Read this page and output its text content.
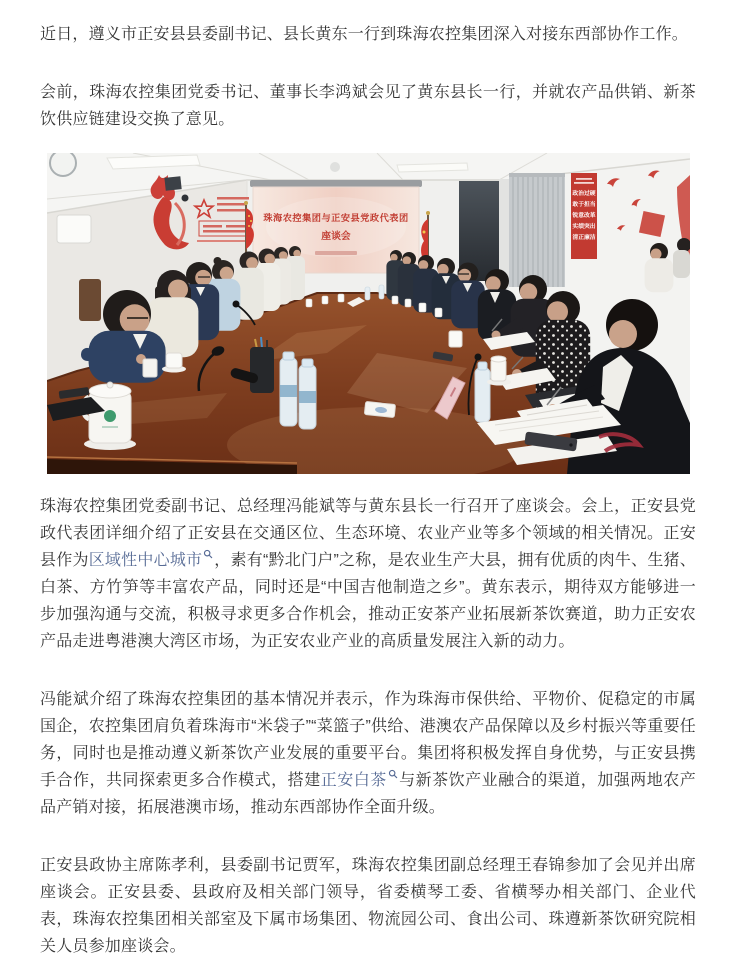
近日，遵义市正安县县委副书记、县长黄东一行到珠海农控集团深入对接东西部协作工作。

会前，珠海农控集团党委书记、董事长李鸿斌会见了黄东县长一行，并就农产品供销、新茶饮供应链建设交换了意见。

政治过硬
敢于担当
锐意改革
实绩突出
清正廉洁
珠海农控集团与正安县党政代表团
座谈会

珠海农控集团党委副书记、总经理冯能斌等与黄东县长一行召开了座谈会。会上，正安县党政代表团详细介绍了正安县在交通区位、生态环境、农业产业等多个领域的相关情况。正安县作为区域性中心城市 ，素有“黔北门户”之称，是农业生产大县，拥有优质的肉牛、生猪、白茶、方竹笋等丰富农产品，同时还是“中国吉他制造之乡”。黄东表示，期待双方能够进一步加强沟通与交流，积极寻求更多合作机会，推动正安茶产业拓展新茶饮赛道，助力正安农产品走进粤港澳大湾区市场，为正安农业产业的高质量发展注入新的动力。

冯能斌介绍了珠海农控集团的基本情况并表示，作为珠海市保供给、平物价、促稳定的市属国企，农控集团肩负着珠海市“米袋子”“菜篮子”供给、港澳农产品保障以及乡村振兴等重要任务，同时也是推动遵义新茶饮产业发展的重要平台。集团将积极发挥自身优势，与正安县携手合作，共同探索更多合作模式，搭建正安白茶 与新茶饮产业融合的渠道，加强两地农产品产销对接，拓展港澳市场，推动东西部协作全面升级。

正安县政协主席陈孝利，县委副书记贾军，珠海农控集团副总经理王春锦参加了会见并出席座谈会。正安县委、县政府及相关部门领导，省委横琴工委、省横琴办相关部门、企业代表，珠海农控集团相关部室及下属市场集团、物流园公司、食出公司、珠遵新茶饮研究院相关人员参加座谈会。
